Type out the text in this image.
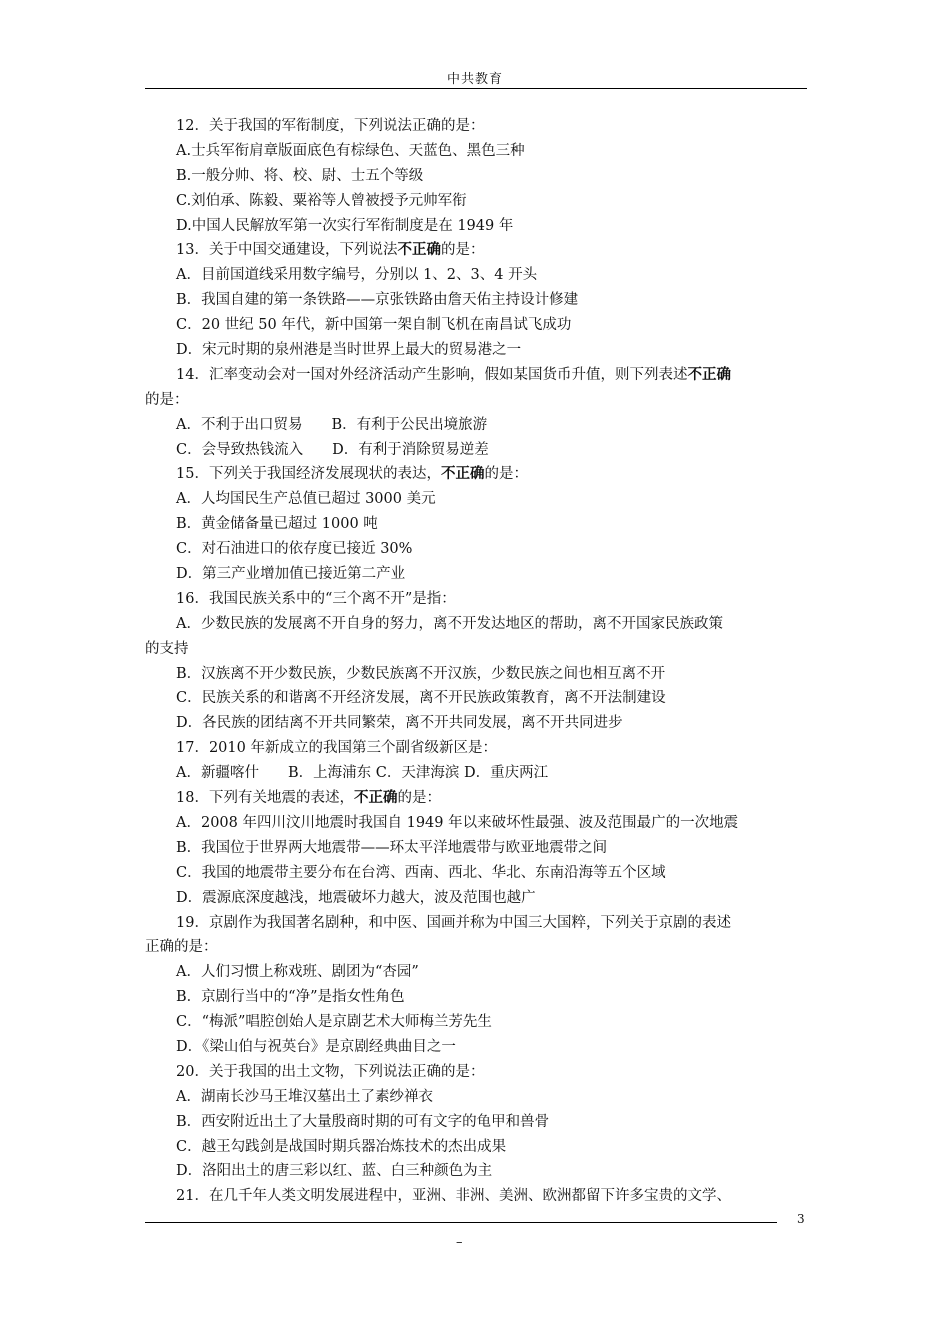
中共教育
12．关于我国的军衔制度，下列说法正确的是：
A.士兵军衔肩章版面底色有棕绿色、天蓝色、黑色三种
B.一般分帅、将、校、尉、士五个等级
C.刘伯承、陈毅、粟裕等人曾被授予元帅军衔
D.中国人民解放军第一次实行军衔制度是在 1949 年
13．关于中国交通建设，下列说法不正确的是：
A．目前国道线采用数字编号，分别以 1、2、3、4 开头
B．我国自建的第一条铁路——京张铁路由詹天佑主持设计修建
C．20 世纪 50 年代，新中国第一架自制飞机在南昌试飞成功
D．宋元时期的泉州港是当时世界上最大的贸易港之一
14．汇率变动会对一国对外经济活动产生影响，假如某国货币升值，则下列表述不正确
的是：
A．不利于出口贸易　　B．有利于公民出境旅游
C．会导致热钱流入　　D．有利于消除贸易逆差
15．下列关于我国经济发展现状的表达，不正确的是：
A．人均国民生产总值已超过 3000 美元
B．黄金储备量已超过 1000 吨
C．对石油进口的依存度已接近 30%
D．第三产业增加值已接近第二产业
16．我国民族关系中的“三个离不开”是指：
A．少数民族的发展离不开自身的努力，离不开发达地区的帮助，离不开国家民族政策
的支持
B．汉族离不开少数民族，少数民族离不开汉族，少数民族之间也相互离不开
C．民族关系的和谐离不开经济发展，离不开民族政策教育，离不开法制建设
D．各民族的团结离不开共同繁荣，离不开共同发展，离不开共同进步
17．2010 年新成立的我国第三个副省级新区是：
A．新疆喀什　　B．上海浦东 C．天津海滨 D．重庆两江
18．下列有关地震的表述，不正确的是：
A．2008 年四川汶川地震时我国自 1949 年以来破坏性最强、波及范围最广的一次地震
B．我国位于世界两大地震带——环太平洋地震带与欧亚地震带之间
C．我国的地震带主要分布在台湾、西南、西北、华北、东南沿海等五个区域
D．震源底深度越浅，地震破坏力越大，波及范围也越广
19．京剧作为我国著名剧种，和中医、国画并称为中国三大国粹，下列关于京剧的表述
正确的是：
A．人们习惯上称戏班、剧团为“杏园”
B．京剧行当中的“净”是指女性角色
C．“梅派”唱腔创始人是京剧艺术大师梅兰芳先生
D．《梁山伯与祝英台》是京剧经典曲目之一
20．关于我国的出土文物，下列说法正确的是：
A．湖南长沙马王堆汉墓出土了素纱禅衣
B．西安附近出土了大量殷商时期的可有文字的龟甲和兽骨
C．越王勾践剑是战国时期兵器冶炼技术的杰出成果
D．洛阳出土的唐三彩以红、蓝、白三种颜色为主
21．在几千年人类文明发展进程中，亚洲、非洲、美洲、欧洲都留下许多宝贵的文学、
3
–
